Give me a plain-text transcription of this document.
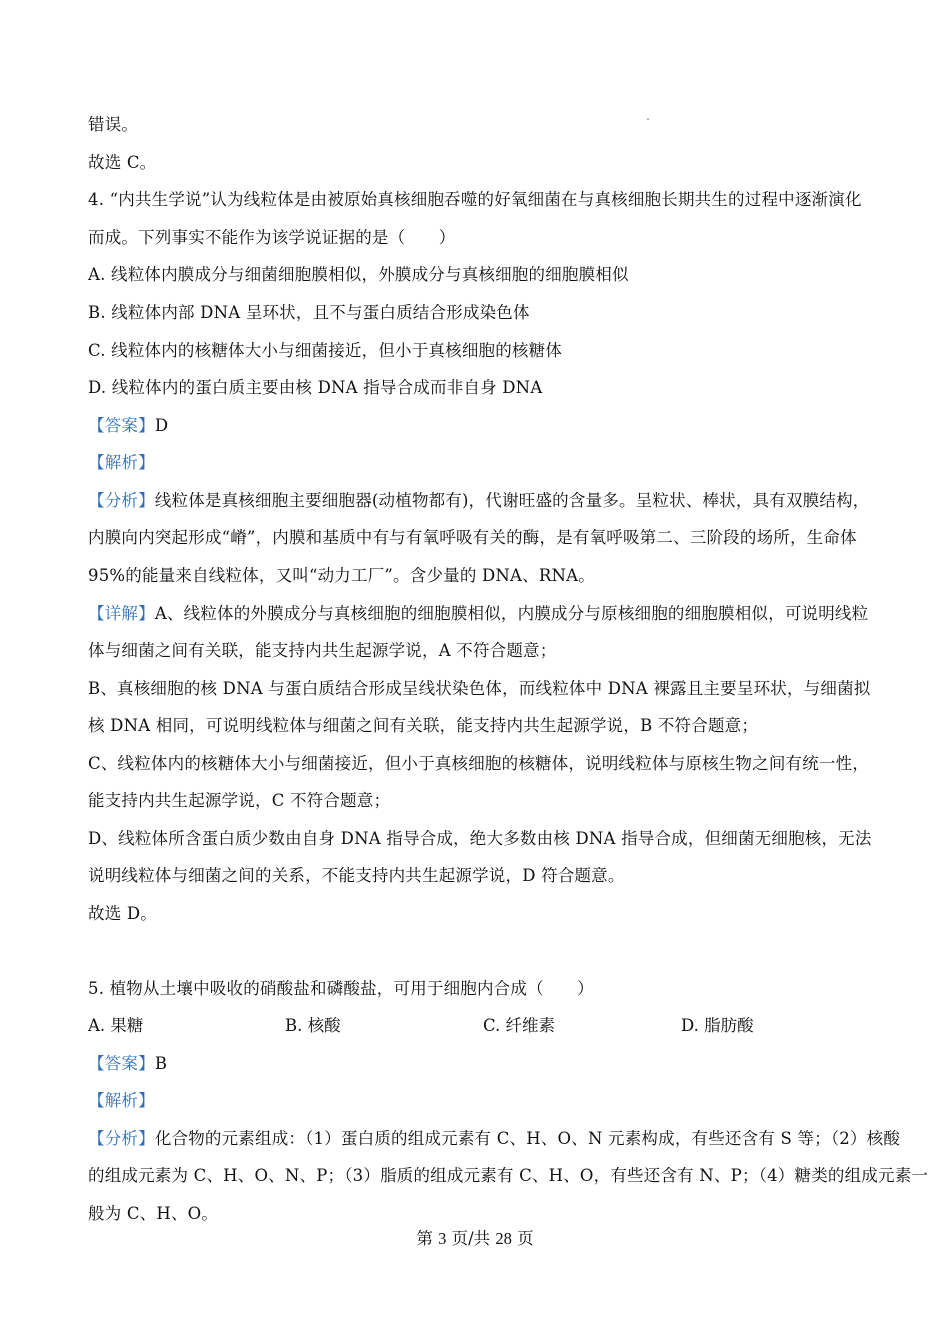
错误。
故选 C。
4. “内共生学说”认为线粒体是由被原始真核细胞吞噬的好氧细菌在与真核细胞长期共生的过程中逐渐演化
而成。下列事实不能作为该学说证据的是（　　）
A. 线粒体内膜成分与细菌细胞膜相似，外膜成分与真核细胞的细胞膜相似
B. 线粒体内部 DNA 呈环状，且不与蛋白质结合形成染色体
C. 线粒体内的核糖体大小与细菌接近，但小于真核细胞的核糖体
D. 线粒体内的蛋白质主要由核 DNA 指导合成而非自身 DNA
【答案】D
【解析】
【分析】线粒体是真核细胞主要细胞器(动植物都有)，代谢旺盛的含量多。呈粒状、棒状，具有双膜结构，
内膜向内突起形成“嵴”，内膜和基质中有与有氧呼吸有关的酶，是有氧呼吸第二、三阶段的场所，生命体
95%的能量来自线粒体，又叫“动力工厂”。含少量的 DNA、RNA。
【详解】A、线粒体的外膜成分与真核细胞的细胞膜相似，内膜成分与原核细胞的细胞膜相似，可说明线粒
体与细菌之间有关联，能支持内共生起源学说，A 不符合题意；
B、真核细胞的核 DNA 与蛋白质结合形成呈线状染色体，而线粒体中 DNA 裸露且主要呈环状，与细菌拟
核 DNA 相同，可说明线粒体与细菌之间有关联，能支持内共生起源学说，B 不符合题意；
C、线粒体内的核糖体大小与细菌接近，但小于真核细胞的核糖体，说明线粒体与原核生物之间有统一性，
能支持内共生起源学说，C 不符合题意；
D、线粒体所含蛋白质少数由自身 DNA 指导合成，绝大多数由核 DNA 指导合成，但细菌无细胞核，无法
说明线粒体与细菌之间的关系，不能支持内共生起源学说，D 符合题意。
故选 D。
5. 植物从土壤中吸收的硝酸盐和磷酸盐，可用于细胞内合成（　　）
A. 果糖	B. 核酸	C. 纤维素	D. 脂肪酸
【答案】B
【解析】
【分析】化合物的元素组成：（1）蛋白质的组成元素有 C、H、O、N 元素构成，有些还含有 S 等；（2）核酸
的组成元素为 C、H、O、N、P；（3）脂质的组成元素有 C、H、O，有些还含有 N、P；（4）糖类的组成元素一
般为 C、H、O。
第 3 页/共 28 页
